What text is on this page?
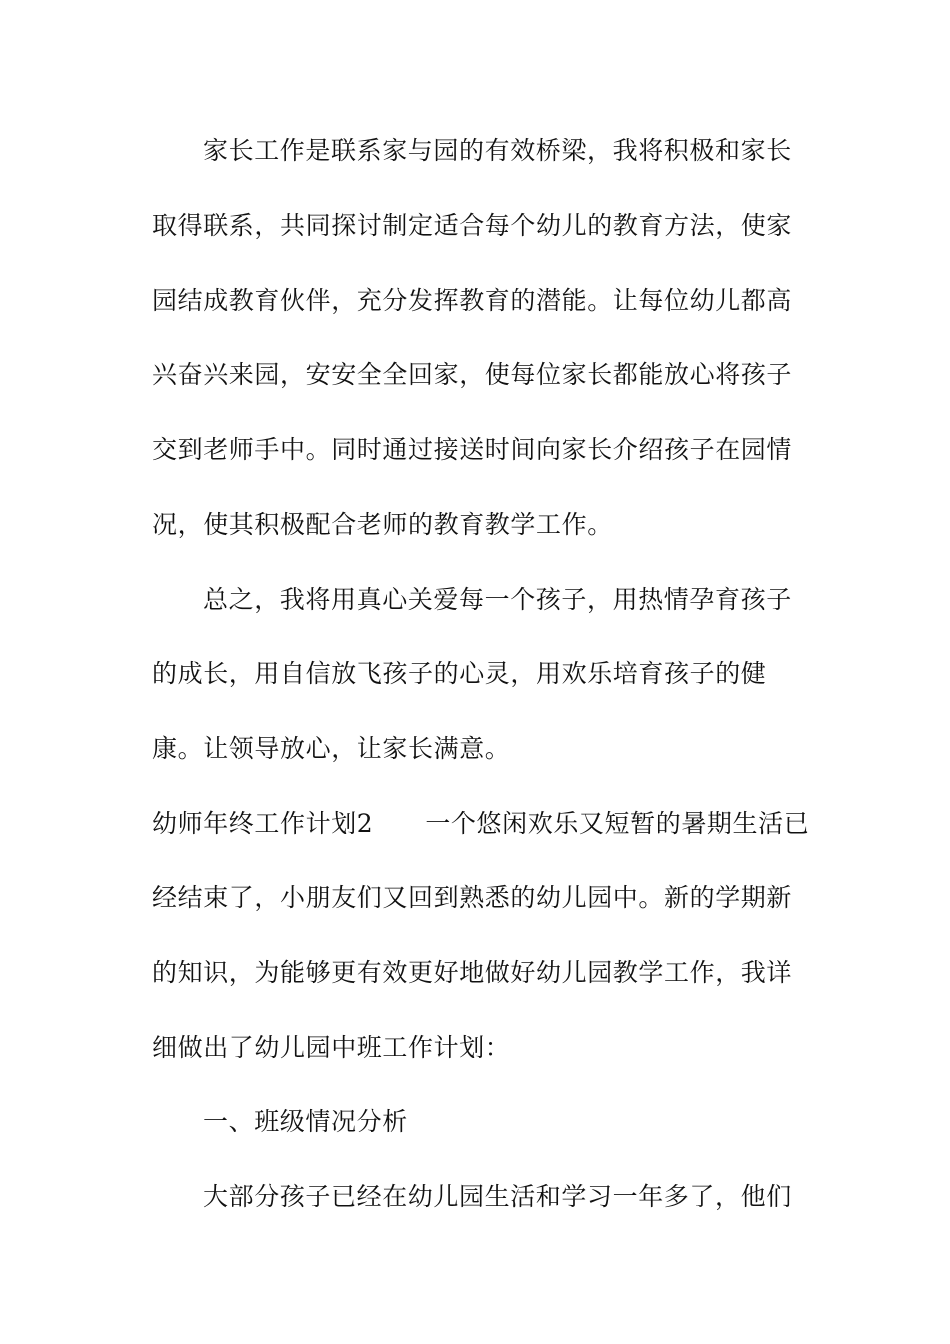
家长工作是联系家与园的有效桥梁，我将积极和家长
取得联系，共同探讨制定适合每个幼儿的教育方法，使家
园结成教育伙伴，充分发挥教育的潜能。让每位幼儿都高
兴奋兴来园，安安全全回家，使每位家长都能放心将孩子
交到老师手中。同时通过接送时间向家长介绍孩子在园情
况，使其积极配合老师的教育教学工作。
总之，我将用真心关爱每一个孩子，用热情孕育孩子
的成长，用自信放飞孩子的心灵，用欢乐培育孩子的健
康。让领导放心，让家长满意。
幼师年终工作计划2 一个悠闲欢乐又短暂的暑期生活已
经结束了，小朋友们又回到熟悉的幼儿园中。新的学期新
的知识，为能够更有效更好地做好幼儿园教学工作，我详
细做出了幼儿园中班工作计划：
一、班级情况分析
大部分孩子已经在幼儿园生活和学习一年多了，他们
